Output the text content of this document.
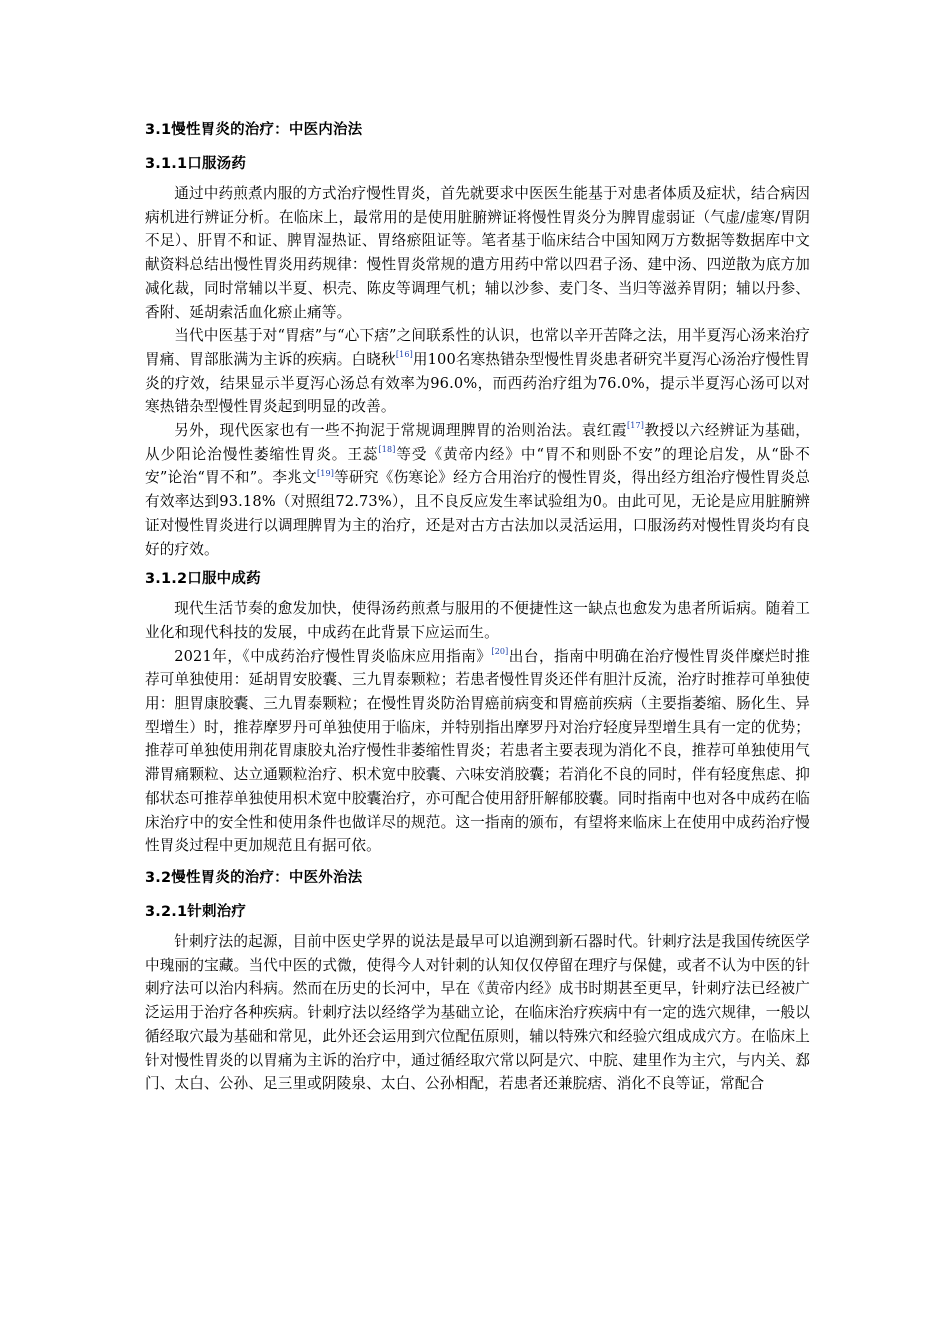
3.1慢性胃炎的治疗：中医内治法
3.1.1口服汤药

通过中药煎煮内服的方式治疗慢性胃炎，首先就要求中医医生能基于对患者体质及症状，结合病因病机进行辨证分析。在临床上，最常用的是使用脏腑辨证将慢性胃炎分为脾胃虚弱证（气虚/虚寒/胃阴不足）、肝胃不和证、脾胃湿热证、胃络瘀阻证等。笔者基于临床结合中国知网万方数据等数据库中文献资料总结出慢性胃炎用药规律：慢性胃炎常规的遣方用药中常以四君子汤、建中汤、四逆散为底方加减化裁，同时常辅以半夏、枳壳、陈皮等调理气机；辅以沙参、麦门冬、当归等滋养胃阴；辅以丹参、香附、延胡索活血化瘀止痛等。

当代中医基于对“胃痞”与“心下痞”之间联系性的认识，也常以辛开苦降之法，用半夏泻心汤来治疗胃痛、胃部胀满为主诉的疾病。白晓秋[16]用100名寒热错杂型慢性胃炎患者研究半夏泻心汤治疗慢性胃炎的疗效，结果显示半夏泻心汤总有效率为96.0%，而西药治疗组为76.0%，提示半夏泻心汤可以对寒热错杂型慢性胃炎起到明显的改善。

另外，现代医家也有一些不拘泥于常规调理脾胃的治则治法。袁红霞[17]教授以六经辨证为基础，从少阳论治慢性萎缩性胃炎。王蕊[18]等受《黄帝内经》中“胃不和则卧不安”的理论启发，从“卧不安”论治“胃不和”。李兆文[19]等研究《伤寒论》经方合用治疗的慢性胃炎，得出经方组治疗慢性胃炎总有效率达到93.18%（对照组72.73%），且不良反应发生率试验组为0。由此可见，无论是应用脏腑辨证对慢性胃炎进行以调理脾胃为主的治疗，还是对古方古法加以灵活运用，口服汤药对慢性胃炎均有良好的疗效。

3.1.2口服中成药

现代生活节奏的愈发加快，使得汤药煎煮与服用的不便捷性这一缺点也愈发为患者所诟病。随着工业化和现代科技的发展，中成药在此背景下应运而生。

2021年，《中成药治疗慢性胃炎临床应用指南》[20]出台，指南中明确在治疗慢性胃炎伴糜烂时推荐可单独使用：延胡胃安胶囊、三九胃泰颗粒；若患者慢性胃炎还伴有胆汁反流，治疗时推荐可单独使用：胆胃康胶囊、三九胃泰颗粒；在慢性胃炎防治胃癌前病变和胃癌前疾病（主要指萎缩、肠化生、异型增生）时，推荐摩罗丹可单独使用于临床，并特别指出摩罗丹对治疗轻度异型增生具有一定的优势；推荐可单独使用荆花胃康胶丸治疗慢性非萎缩性胃炎；若患者主要表现为消化不良，推荐可单独使用气滞胃痛颗粒、达立通颗粒治疗、枳术宽中胶囊、六味安消胶囊；若消化不良的同时，伴有轻度焦虑、抑郁状态可推荐单独使用枳术宽中胶囊治疗，亦可配合使用舒肝解郁胶囊。同时指南中也对各中成药在临床治疗中的安全性和使用条件也做详尽的规范。这一指南的颁布，有望将来临床上在使用中成药治疗慢性胃炎过程中更加规范且有据可依。

3.2慢性胃炎的治疗：中医外治法
3.2.1针刺治疗

针刺疗法的起源，目前中医史学界的说法是最早可以追溯到新石器时代。针刺疗法是我国传统医学中瑰丽的宝藏。当代中医的式微，使得今人对针刺的认知仅仅停留在理疗与保健，或者不认为中医的针刺疗法可以治内科病。然而在历史的长河中，早在《黄帝内经》成书时期甚至更早，针刺疗法已经被广泛运用于治疗各种疾病。针刺疗法以经络学为基础立论，在临床治疗疾病中有一定的选穴规律，一般以循经取穴最为基础和常见，此外还会运用到穴位配伍原则，辅以特殊穴和经验穴组成成穴方。在临床上针对慢性胃炎的以胃痛为主诉的治疗中，通过循经取穴常以阿是穴、中脘、建里作为主穴，与内关、郄门、太白、公孙、足三里或阴陵泉、太白、公孙相配，若患者还兼脘痞、消化不良等证，常配合
